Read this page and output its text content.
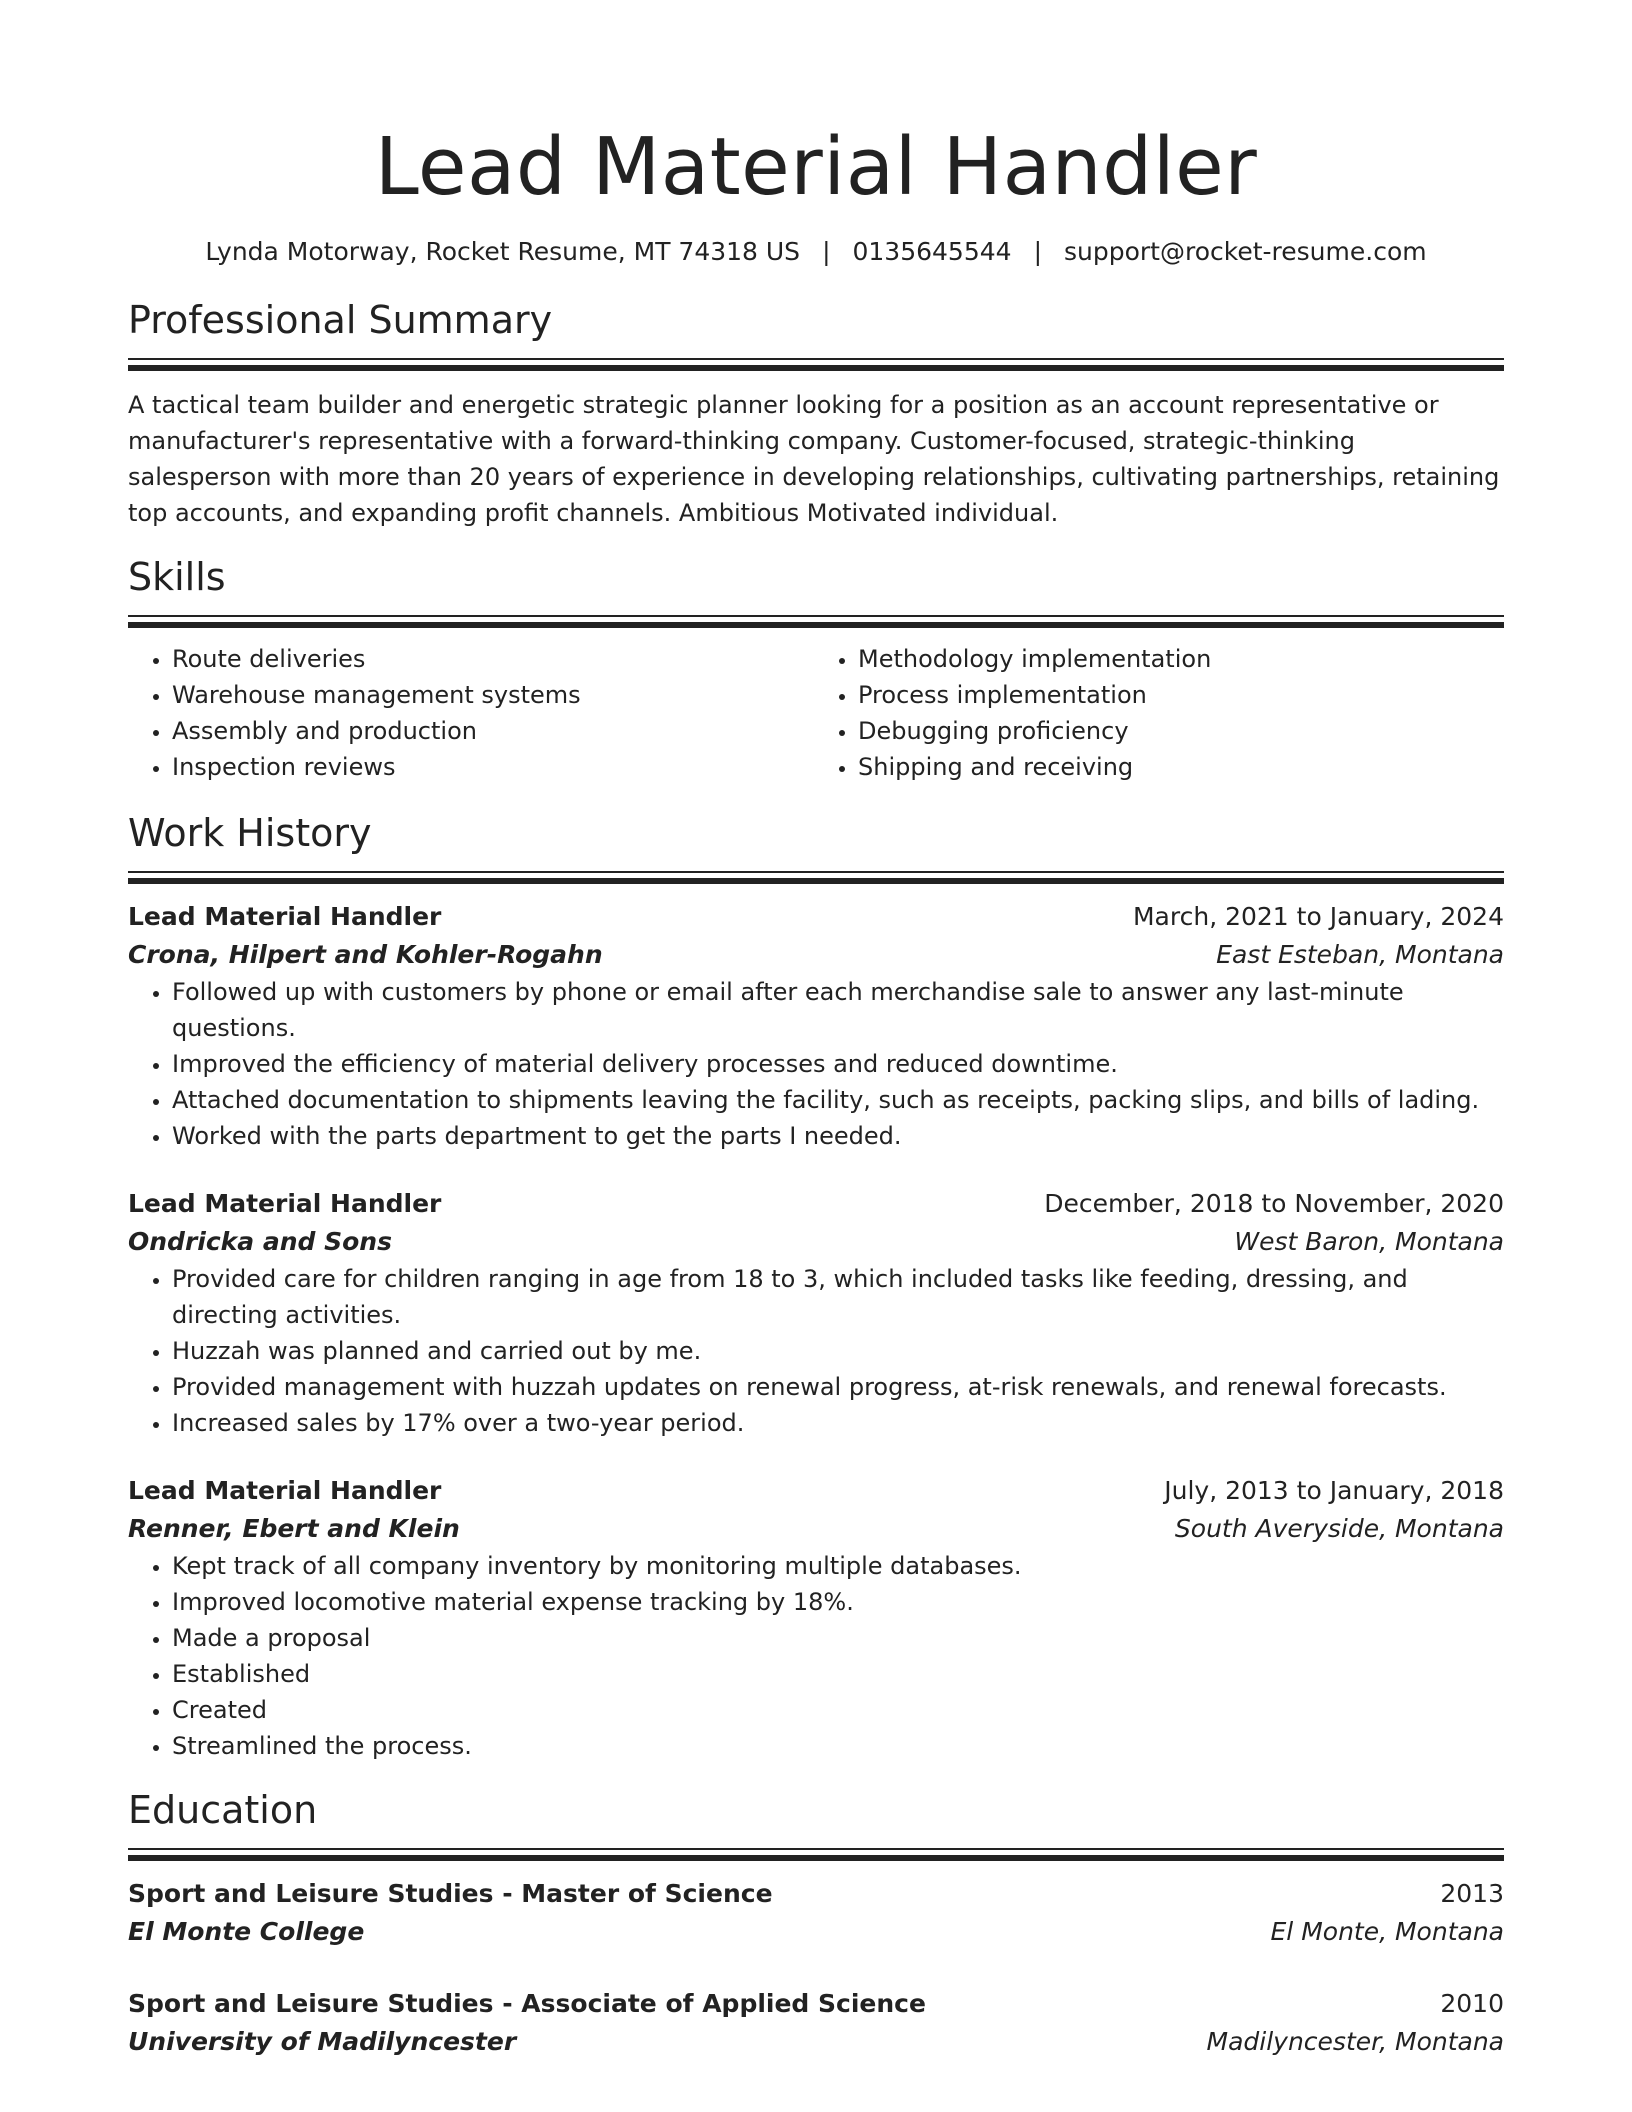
Lead Material Handler
Lynda Motorway, Rocket Resume, MT 74318 US | 0135645544 | support@rocket-resume.com
Professional Summary

A tactical team builder and energetic strategic planner looking for a position as an account representative or manufacturer's representative with a forward-thinking company. Customer-focused, strategic-thinking salesperson with more than 20 years of experience in developing relationships, cultivating partnerships, retaining top accounts, and expanding profit channels. Ambitious Motivated individual.

Skills
• Route deliveries
• Warehouse management systems
• Assembly and production
• Inspection reviews
• Methodology implementation
• Process implementation
• Debugging proficiency
• Shipping and receiving
Work History
Lead Material Handler	March, 2021 to January, 2024
Crona, Hilpert and Kohler-Rogahn	East Esteban, Montana
• Followed up with customers by phone or email after each merchandise sale to answer any last-minute questions.
• Improved the efficiency of material delivery processes and reduced downtime.
• Attached documentation to shipments leaving the facility, such as receipts, packing slips, and bills of lading.
• Worked with the parts department to get the parts I needed.
Lead Material Handler	December, 2018 to November, 2020
Ondricka and Sons	West Baron, Montana
• Provided care for children ranging in age from 18 to 3, which included tasks like feeding, dressing, and directing activities.
• Huzzah was planned and carried out by me.
• Provided management with huzzah updates on renewal progress, at-risk renewals, and renewal forecasts.
• Increased sales by 17% over a two-year period.
Lead Material Handler	July, 2013 to January, 2018
Renner, Ebert and Klein	South Averyside, Montana
• Kept track of all company inventory by monitoring multiple databases.
• Improved locomotive material expense tracking by 18%.
• Made a proposal
• Established
• Created
• Streamlined the process.
Education
Sport and Leisure Studies - Master of Science	2013
El Monte College	El Monte, Montana
Sport and Leisure Studies - Associate of Applied Science	2010
University of Madilyncester	Madilyncester, Montana
